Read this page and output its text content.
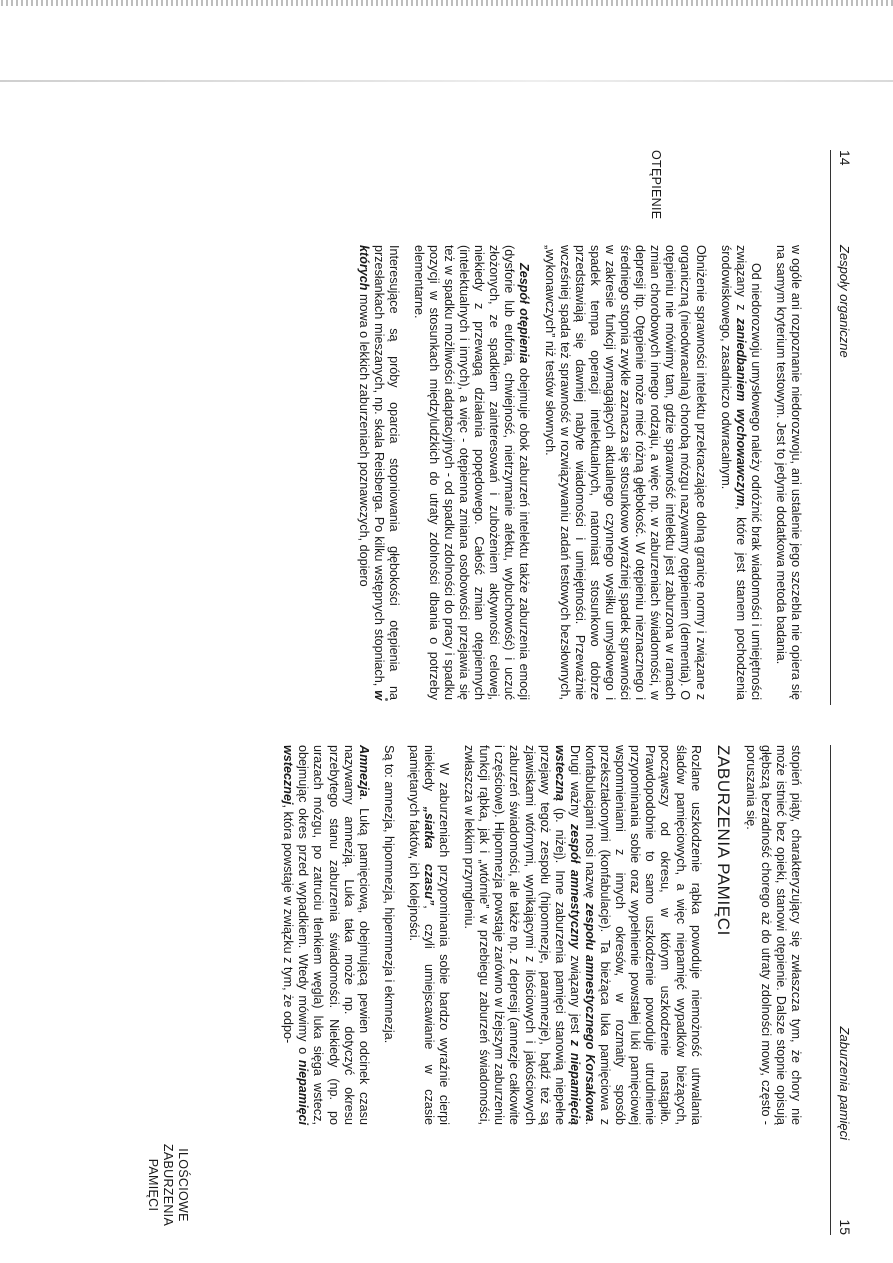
14
Zespoły organiczne
OTĘPIENIE

w ogóle ani rozpoznanie niedorozwoju, ani ustalenie jego szczebla nie opiera się na samym kryterium testowym. Jest to jedynie dodatkowa metoda badania.

Od niedorozwoju umysłowego należy odróżnić brak wiadomości i umiejętności związany z zaniedbaniem wychowawczym, które jest stanem pochodzenia środowiskowego, zasadniczo odwracalnym.

Obniżenie sprawności intelektu przekraczające dolną granicę normy i związane z organiczną (nieodwracalną) chorobą mózgu nazywamy otępieniem (dementia). O otępieniu nie mówimy tam, gdzie sprawność intelektu jest zaburzona w ramach zmian chorobowych innego rodzaju, a więc np. w zaburzeniach świadomości, w depresji itp. Otępienie może mieć różną głębokość. W otępieniu nieznacznego i średniego stopnia zwykle zaznacza się stosunkowo wyraźniej spadek sprawności w zakresie funkcji wymagających aktualnego czynnego wysiłku umysłowego i spadek tempa operacji intelektualnych, natomiast stosunkowo dobrze przedstawiają się dawniej nabyte wiadomości i umiejętności. Przeważnie wcześniej spada też sprawność w rozwiązywaniu zadań testowych bezsłownych, „wykonawczych” niż testów słownych.

Zespół otępienia obejmuje obok zaburzeń intelektu także zaburzenia emocji (dysforie lub euforia, chwiejność, nietrzymanie afektu, wybuchowość) i uczuć złożonych, ze spadkiem zainteresowań i zubożeniem aktywności celowej, niekiedy z przewagą działania popędowego. Całość zmian otępiennych (intelektualnych i innych), a więc - otępienna zmiana osobowości przejawia się też w spadku możliwości adaptacyjnych - od spadku zdolności do pracy i spadku pozycji w stosunkach międzyludzkich do utraty zdolności dbania o potrzeby elementarne.

Interesujące są próby oparcia stopniowania głębokości otępienia na przesłankach mieszanych, np. skala Reisberga. Po kilku wstępnych stopniach, w których mowa o lekkich zaburzeniach poznawczych, dopiero

Zaburzenia pamięci
15
ILOŚCIOWE ZABURZENIA PAMIĘCI

stopień piąty, charakteryzujący się zwłaszcza tym, że chory nie może istnieć bez opieki, stanowi otępienie. Dalsze stopnie opisują głębszą bezradność chorego aż do utraty zdolności mowy, często - poruszania się.

ZABURZENIA PAMIĘCI

Rozlane uszkodzenie rąbka powoduje niemożność utrwalania śladów pamięciowych, a więc niepamięć wypadków bieżących, począwszy od okresu, w którym uszkodzenie nastąpiło. Prawdopodobnie to samo uszkodzenie powoduje utrudnienie przypominania sobie oraz wypełnienie powstałej luki pamięciowej wspomnieniami z innych okresów, w rozmaity sposób przekształconymi (konfabulacje). Ta bieżąca luka pamięciowa z konfabulacjami nosi nazwę zespołu amnestycznego Korsakowa. Drugi ważny zespół amnestyczny związany jest z niepamięcią wsteczną (p. niżej). Inne zaburzenia pamięci stanowią niepełne przejawy tegoż zespołu (hipomnezje, paramnezje), bądź też są zjawiskami wtórnymi, wynikającymi z ilościowych i jakościowych zaburzeń świadomości, ale także np. z depresji (amnezje całkowite i częściowe). Hipomnezja powstaje zarówno w lżejszym zaburzeniu funkcji rąbka, jak i „wtórnie” w przebiegu zaburzeń świadomości, zwłaszcza w lekkim przymgleniu.

W zaburzeniach przypominania sobie bardzo wyraźnie cierpi niekiedy „siatka czasu”, czyli umiejscawianie w czasie pamiętanych faktów, ich kolejności.

Są to: amnezja, hipomnezja, hipermnezja i ekmnezja.

Amnezja. Luką pamięciową, obejmującą pewien odcinek czasu nazywamy amnezją. Luka taka może np. dotyczyć okresu przebytego stanu zaburzenia świadomości. Niekiedy (np. po urazach mózgu, po zatruciu tlenkiem węgla) luka sięga wstecz, obejmując okres przed wypadkiem. Wtedy mówimy o niepamięci wstecznej, która powstaje w związku z tym, że odpo-
